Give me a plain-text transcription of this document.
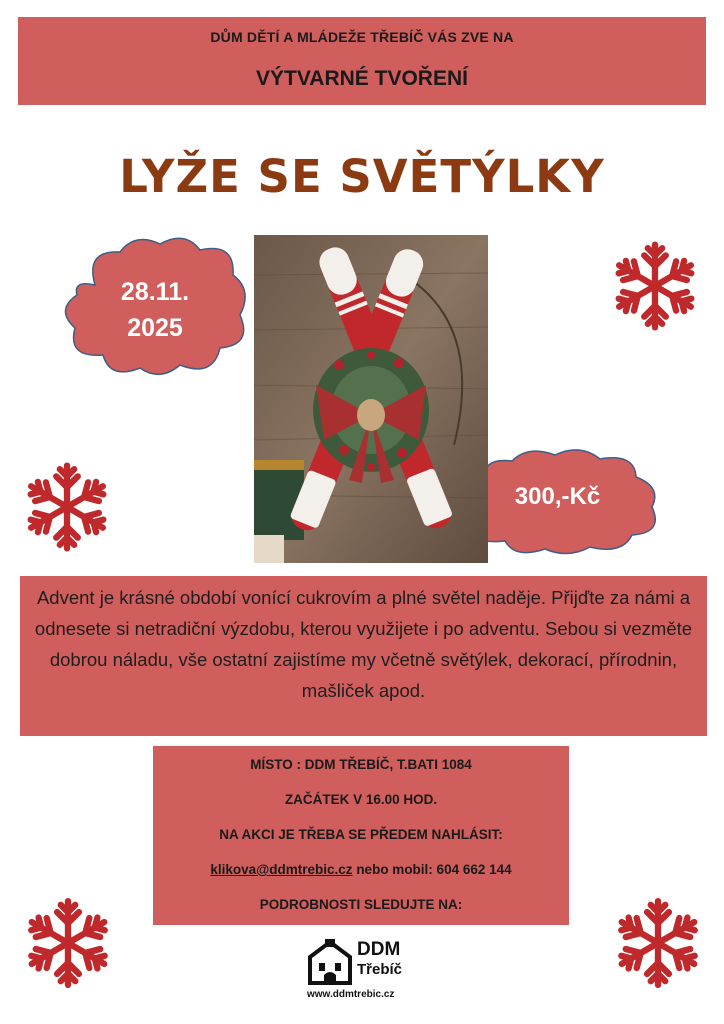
DŮM DĚTÍ A MLÁDEŽE TŘEBÍČ VÁS ZVE NA
VÝTVARNÉ TVOŘENÍ
LYŽE SE SVĚTÝLKY
28.11.
2025
300,-Kč
Advent je krásné období vonící cukrovím a plné světel naděje. Přijďte za námi a odnesete si netradiční výzdobu, kterou využijete i po adventu. Sebou si vezměte dobrou náladu, vše ostatní zajistíme my včetně světýlek, dekorací, přírodnin, mašliček apod.
MÍSTO : DDM TŘEBÍČ, T.BATI 1084
ZAČÁTEK V 16.00 HOD.
NA AKCI JE TŘEBA SE PŘEDEM NAHLÁSIT:
klikova@ddmtrebic.cz nebo mobil: 604 662 144
PODROBNOSTI SLEDUJTE NA:
DDM
Třebíč
www.ddmtrebic.cz
